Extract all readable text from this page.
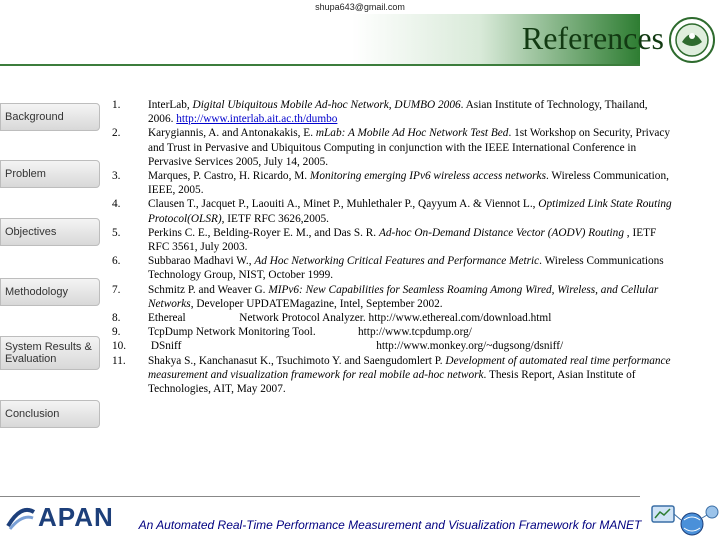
shupa643@gmail.com
References
Background
Problem
Objectives
Methodology
System Results & Evaluation
Conclusion
1.	InterLab, Digital Ubiquitous Mobile Ad-hoc Network, DUMBO 2006. Asian Institute of Technology, Thailand, 2006. http://www.interlab.ait.ac.th/dumbo
2.	Karygiannis, A. and Antonakakis, E. mLab: A Mobile Ad Hoc Network Test Bed. 1st Workshop on Security, Privacy and Trust in Pervasive and Ubiquitous Computing in conjunction with the IEEE International Conference in Pervasive Services 2005, July 14, 2005.
3.	Marques, P. Castro, H. Ricardo, M. Monitoring emerging IPv6 wireless access networks. Wireless Communication, IEEE, 2005.
4.	Clausen T., Jacquet P., Laouiti A., Minet P., Muhlethaler P., Qayyum A. & Viennot L., Optimized Link State Routing Protocol(OLSR), IETF RFC 3626,2005.
5.	Perkins C. E., Belding-Royer E. M., and Das S. R. Ad-hoc On-Demand Distance Vector (AODV) Routing , IETF RFC 3561, July 2003.
6.	Subbarao Madhavi W., Ad Hoc Networking Critical Features and Performance Metric. Wireless Communications Technology Group, NIST, October 1999.
7.	Schmitz P. and Weaver G. MIPv6: New Capabilities for Seamless Roaming Among Wired, Wireless, and Cellular Networks, Developer UPDATEMagazine, Intel, September 2002.
8.	Ethereal                   Network Protocol Analyzer. http://www.ethereal.com/download.html
9.	TcpDump Network Monitoring Tool.               http://www.tcpdump.org/
10.	DSniff                                                                     http://www.monkey.org/~dugsong/dsniff/
11.	Shakya S., Kanchanasut K., Tsuchimoto Y. and Saengudomlert P. Development of automated real time performance measurement and visualization framework for real mobile ad-hoc network. Thesis Report, Asian Institute of Technologies, AIT, May 2007.
APAN	An Automated Real-Time Performance Measurement and Visualization Framework for MANET
